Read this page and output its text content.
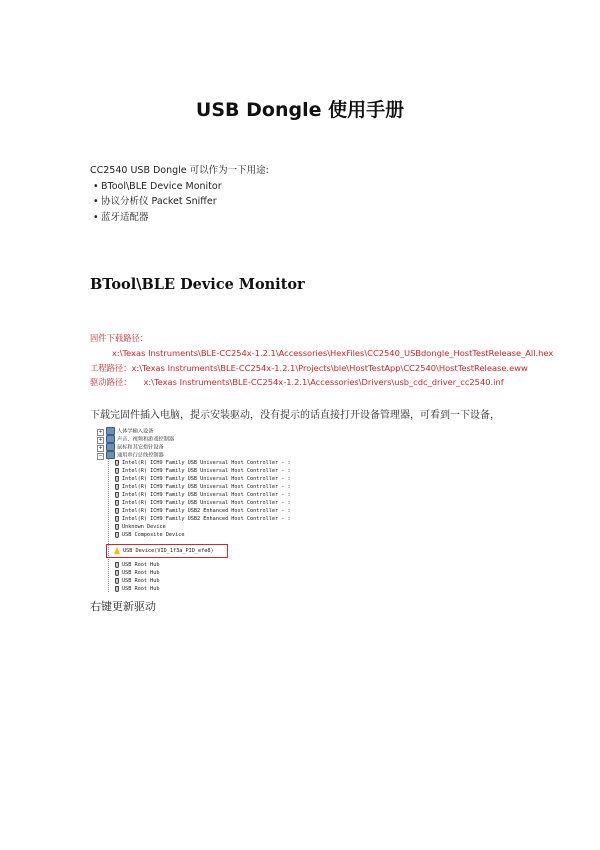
USB Dongle 使用手册
CC2540 USB Dongle 可以作为一下用途:
• BTool\BLE Device Monitor
• 协议分析仪 Packet Sniffer
• 蓝牙适配器
BTool\BLE Device Monitor
固件下载路径：
x:\Texas Instruments\BLE-CC254x-1.2.1\Accessories\HexFiles\CC2540_USBdongle_HostTestRelease_All.hex
工程路径：x:\Texas Instruments\BLE-CC254x-1.2.1\Projects\ble\HostTestApp\CC2540\HostTestRelease.eww
驱动路径： x:\Texas Instruments\BLE-CC254x-1.2.1\Accessories\Drivers\usb_cdc_driver_cc2540.inf
下载完固件插入电脑，提示安装驱动，没有提示的话直接打开设备管理器，可看到一下设备，
+	人体学输入设备
+	声音、视频和游戏控制器
+	鼠标和其它指针设备
−	通用串行总线控制器
Intel(R) ICH9 Family USB Universal Host Controller - :
Intel(R) ICH9 Family USB Universal Host Controller - :
Intel(R) ICH9 Family USB Universal Host Controller - :
Intel(R) ICH9 Family USB Universal Host Controller - :
Intel(R) ICH9 Family USB Universal Host Controller - :
Intel(R) ICH9 Family USB Universal Host Controller - :
Intel(R) ICH9 Family USB2 Enhanced Host Controller - :
Intel(R) ICH9 Family USB2 Enhanced Host Controller - :
Unknown Device
USB Composite Device
USB Device(VID_1f3a_PID_efe8)
USB Root Hub
USB Root Hub
USB Root Hub
USB Root Hub
右键更新驱动
